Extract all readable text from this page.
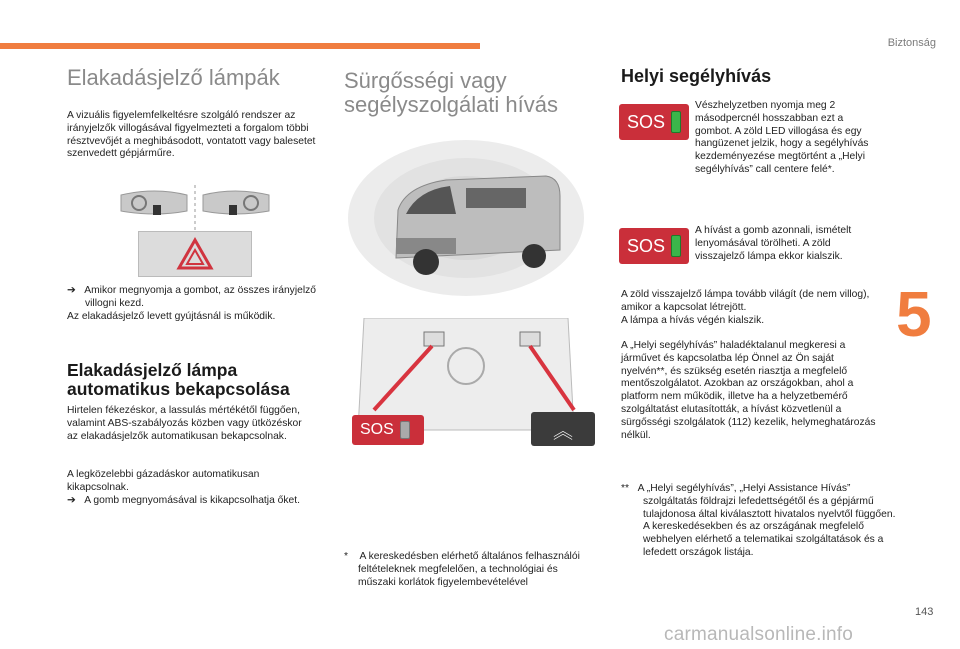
Biztonság
5
143
carmanualsonline.info
Elakadásjelző lámpák

A vizuális figyelemfelkeltésre szolgáló rendszer az irányjelzők villogásával figyelmezteti a forgalom többi résztvevőjét a meghibásodott, vontatott vagy balesetet szenvedett gépjárműre.

➔   Amikor megnyomja a gombot, az összes irányjelző villogni kezd.

Az elakadásjelző levett gyújtásnál is működik.

Elakadásjelző lámpa automatikus bekapcsolása

Hirtelen fékezéskor, a lassulás mértékétől függően, valamint ABS-szabályozás közben vagy ütközéskor az elakadásjelzők automatikusan bekapcsolnak.

A legközelebbi gázadáskor automatikusan kikapcsolnak.

➔   A gomb megnyomásával is kikapcsolhatja őket.

Sürgősségi vagy
segélyszolgálati hívás
SOS	︽

* A kereskedésben elérhető általános felhasználói feltételeknek megfelelően, a technológiai és műszaki korlátok figyelembevételével

Helyi segélyhívás
SOS

Vészhelyzetben nyomja meg 2 másodpercnél hosszabban ezt a gombot. A zöld LED villogása és egy hangüzenet jelzik, hogy a segélyhívás kezdeményezése megtörtént a „Helyi segélyhívás” call centere felé*.

SOS

A hívást a gomb azonnali, ismételt lenyomásával törölheti. A zöld visszajelző lámpa ekkor kialszik.

A zöld visszajelző lámpa tovább világít (de nem villog), amikor a kapcsolat létrejött.

A lámpa a hívás végén kialszik.

A „Helyi segélyhívás” haladéktalanul megkeresi a járművet és kapcsolatba lép Önnel az Ön saját nyelvén**, és szükség esetén riasztja a megfelelő mentőszolgálatot. Azokban az országokban, ahol a platform nem működik, illetve ha a helyzetbemérő szolgáltatást elutasították, a hívást közvetlenül a sürgősségi szolgálatok (112) kezelik, helymeghatározás nélkül.

** A „Helyi segélyhívás”, „Helyi Assistance Hívás” szolgáltatás földrajzi lefedettségétől és a gépjármű tulajdonosa által kiválasztott hivatalos nyelvtől függően. A kereskedésekben és az országának megfelelő webhelyen elérhető a telematikai szolgáltatások és a lefedett országok listája.
